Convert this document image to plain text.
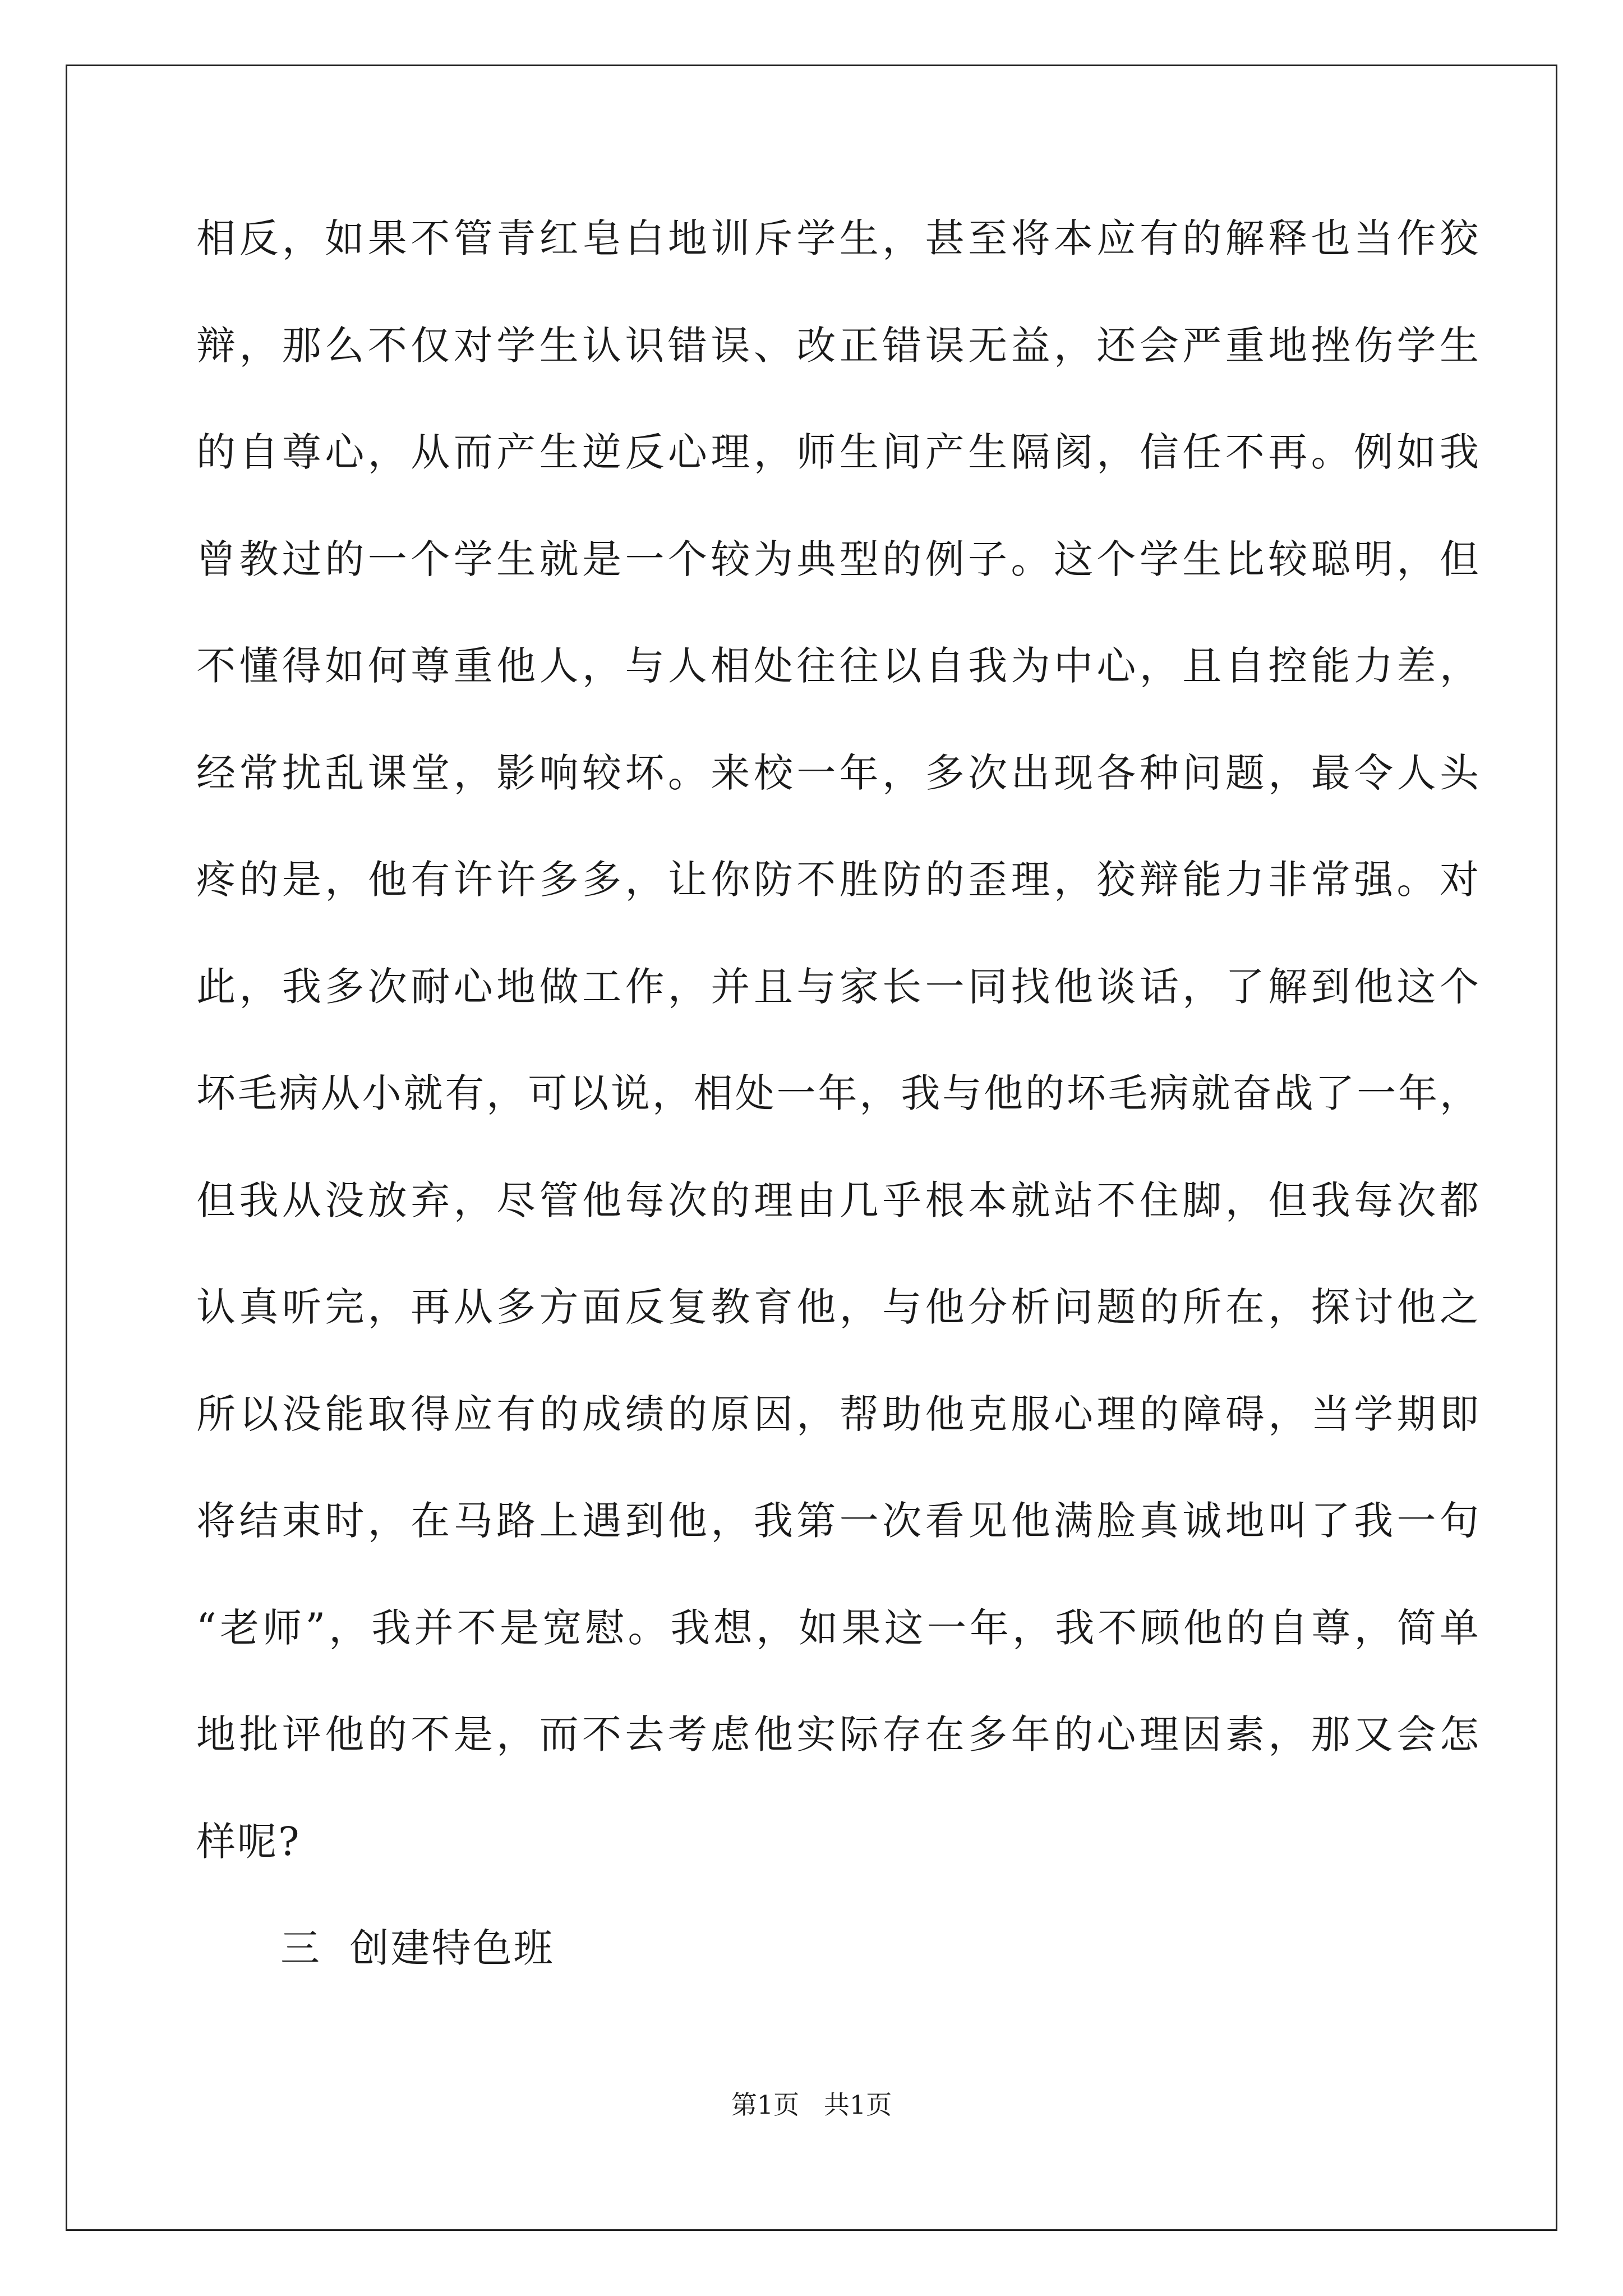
相反，如果不管青红皂白地训斥学生，甚至将本应有的解释也当作狡
辩，那么不仅对学生认识错误、改正错误无益，还会严重地挫伤学生
的自尊心，从而产生逆反心理，师生间产生隔阂，信任不再。例如我
曾教过的一个学生就是一个较为典型的例子。这个学生比较聪明，但
不懂得如何尊重他人，与人相处往往以自我为中心，且自控能力差，
经常扰乱课堂，影响较坏。来校一年，多次出现各种问题，最令人头
疼的是，他有许许多多，让你防不胜防的歪理，狡辩能力非常强。对
此，我多次耐心地做工作，并且与家长一同找他谈话，了解到他这个
坏毛病从小就有，可以说，相处一年，我与他的坏毛病就奋战了一年，
但我从没放弃，尽管他每次的理由几乎根本就站不住脚，但我每次都
认真听完，再从多方面反复教育他，与他分析问题的所在，探讨他之
所以没能取得应有的成绩的原因，帮助他克服心理的障碍，当学期即
将结束时，在马路上遇到他，我第一次看见他满脸真诚地叫了我一句
“老师”，我并不是宽慰。我想，如果这一年，我不顾他的自尊，简单
地批评他的不是，而不去考虑他实际存在多年的心理因素，那又会怎
样呢?
三  创建特色班
第1页   共1页
